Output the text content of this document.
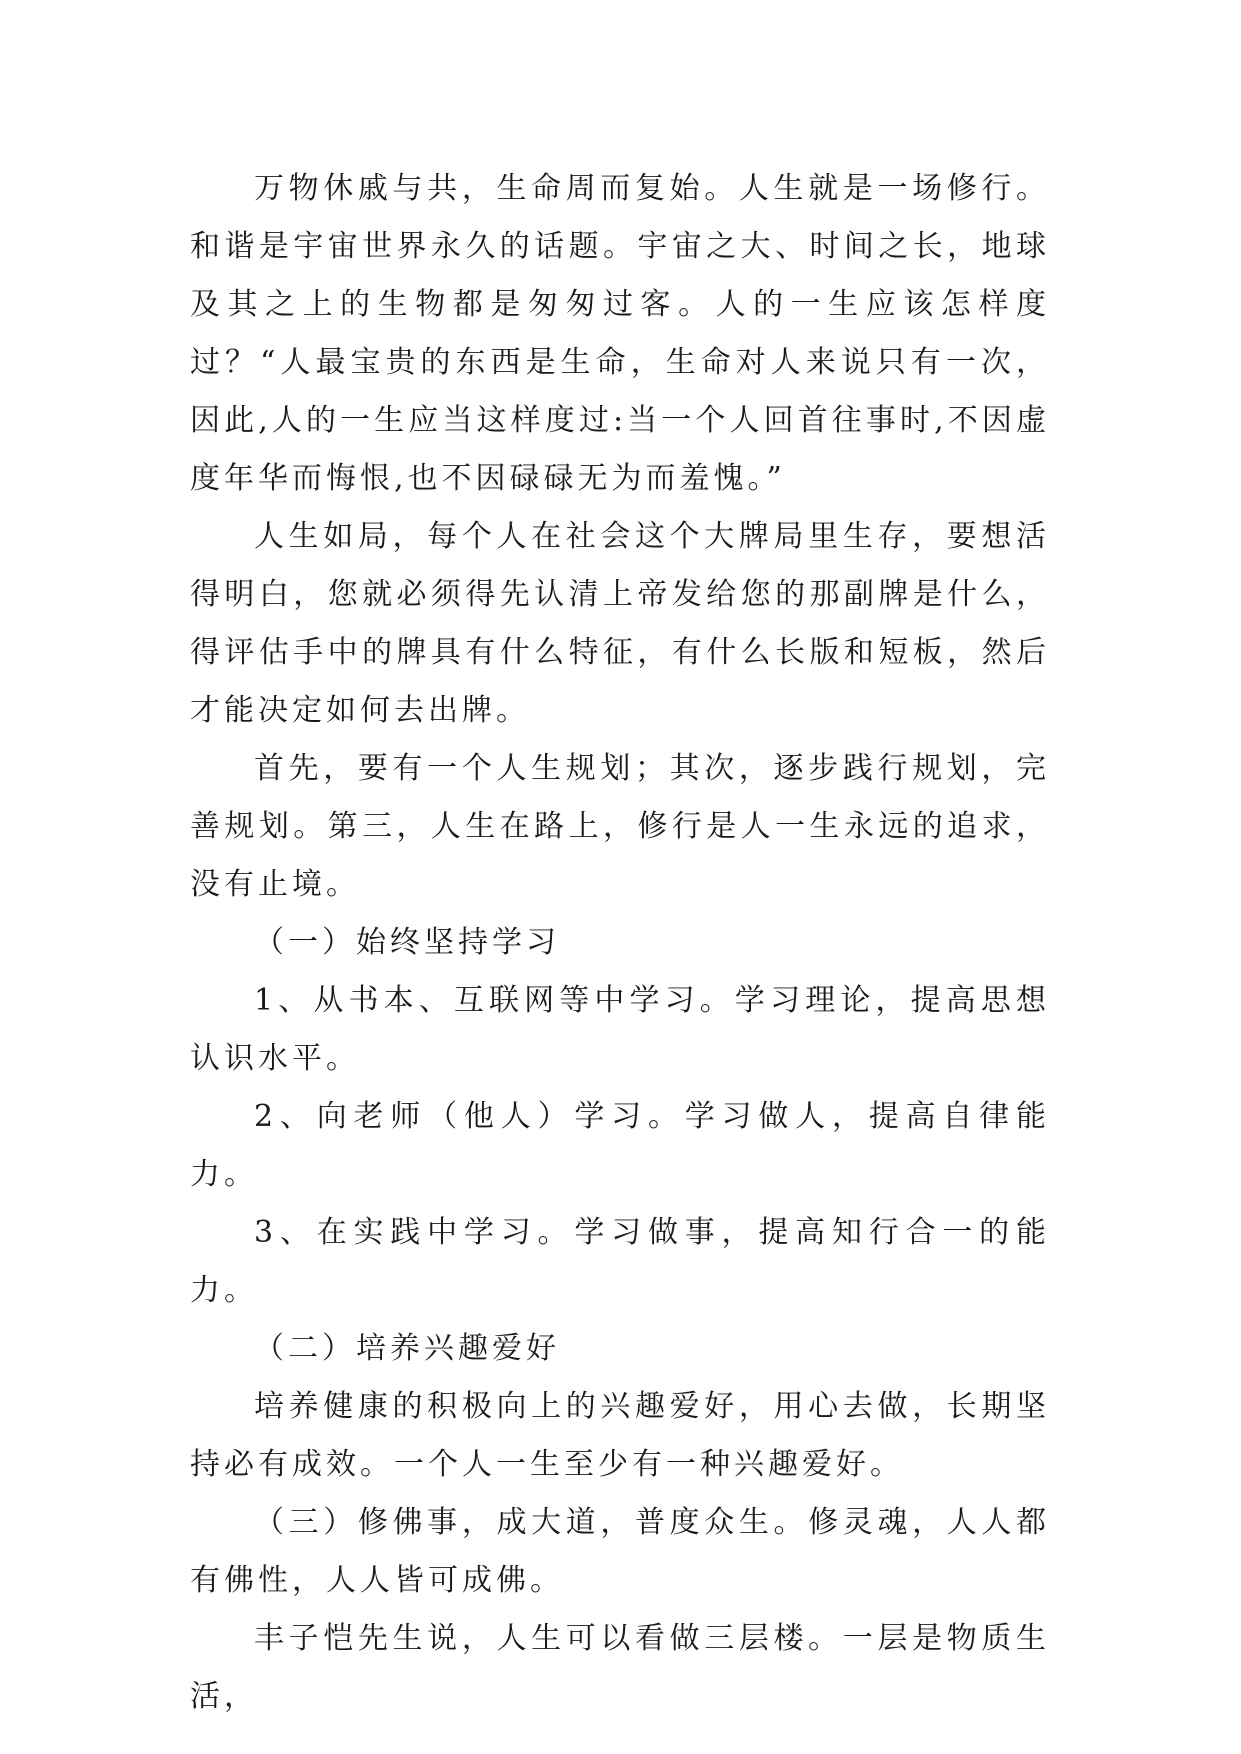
万物休戚与共，生命周而复始。人生就是一场修行。和谐是宇宙世界永久的话题。宇宙之大、时间之长，地球及其之上的生物都是匆匆过客。人的一生应该怎样度过？“人最宝贵的东西是生命，生命对人来说只有一次，因此,人的一生应当这样度过:当一个人回首往事时,不因虚度年华而悔恨,也不因碌碌无为而羞愧。”

人生如局，每个人在社会这个大牌局里生存，要想活得明白，您就必须得先认清上帝发给您的那副牌是什么，得评估手中的牌具有什么特征，有什么长版和短板，然后才能决定如何去出牌。

首先，要有一个人生规划；其次，逐步践行规划，完善规划。第三，人生在路上，修行是人一生永远的追求，没有止境。

（一）始终坚持学习

1、从书本、互联网等中学习。学习理论，提高思想认识水平。

2、向老师（他人）学习。学习做人，提高自律能力。

3、在实践中学习。学习做事，提高知行合一的能力。

（二）培养兴趣爱好

培养健康的积极向上的兴趣爱好，用心去做，长期坚持必有成效。一个人一生至少有一种兴趣爱好。

（三）修佛事，成大道，普度众生。修灵魂，人人都有佛性，人人皆可成佛。

丰子恺先生说，人生可以看做三层楼。一层是物质生活，
